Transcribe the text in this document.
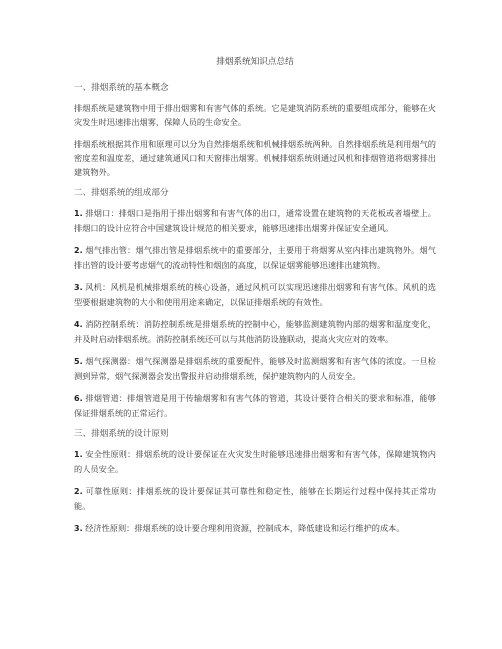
排烟系统知识点总结
一、排烟系统的基本概念

排烟系统是建筑物中用于排出烟雾和有害气体的系统。它是建筑消防系统的重要组成部分，能够在火灾发生时迅速排出烟雾，保障人员的生命安全。

排烟系统根据其作用和原理可以分为自然排烟系统和机械排烟系统两种。自然排烟系统是利用烟气的密度差和温度差，通过建筑通风口和天窗排出烟雾。机械排烟系统则通过风机和排烟管道将烟雾排出建筑物外。

二、排烟系统的组成部分

1. 排烟口：排烟口是指用于排出烟雾和有害气体的出口，通常设置在建筑物的天花板或者墙壁上。排烟口的设计应符合中国建筑设计规范的相关要求，能够迅速排出烟雾并保证安全通风。

2. 烟气排出管：烟气排出管是排烟系统中的重要部分，主要用于将烟雾从室内排出建筑物外。烟气排出管的设计要考虑烟气的流动特性和烟囱的高度，以保证烟雾能够迅速排出建筑物。

3. 风机：风机是机械排烟系统的核心设备，通过风机可以实现迅速排出烟雾和有害气体。风机的选型要根据建筑物的大小和使用用途来确定，以保证排烟系统的有效性。

4. 消防控制系统：消防控制系统是排烟系统的控制中心，能够监测建筑物内部的烟雾和温度变化，并及时启动排烟系统。消防控制系统还可以与其他消防设施联动，提高火灾应对的效率。

5. 烟气探测器：烟气探测器是排烟系统的重要配件，能够及时监测烟雾和有害气体的浓度。一旦检测到异常，烟气探测器会发出警报并启动排烟系统，保护建筑物内的人员安全。

6. 排烟管道：排烟管道是用于传输烟雾和有害气体的管道，其设计要符合相关的要求和标准，能够保证排烟系统的正常运行。

三、排烟系统的设计原则

1. 安全性原则：排烟系统的设计要保证在火灾发生时能够迅速排出烟雾和有害气体，保障建筑物内的人员安全。

2. 可靠性原则：排烟系统的设计要保证其可靠性和稳定性，能够在长期运行过程中保持其正常功能。

3. 经济性原则：排烟系统的设计要合理利用资源，控制成本，降低建设和运行维护的成本。
